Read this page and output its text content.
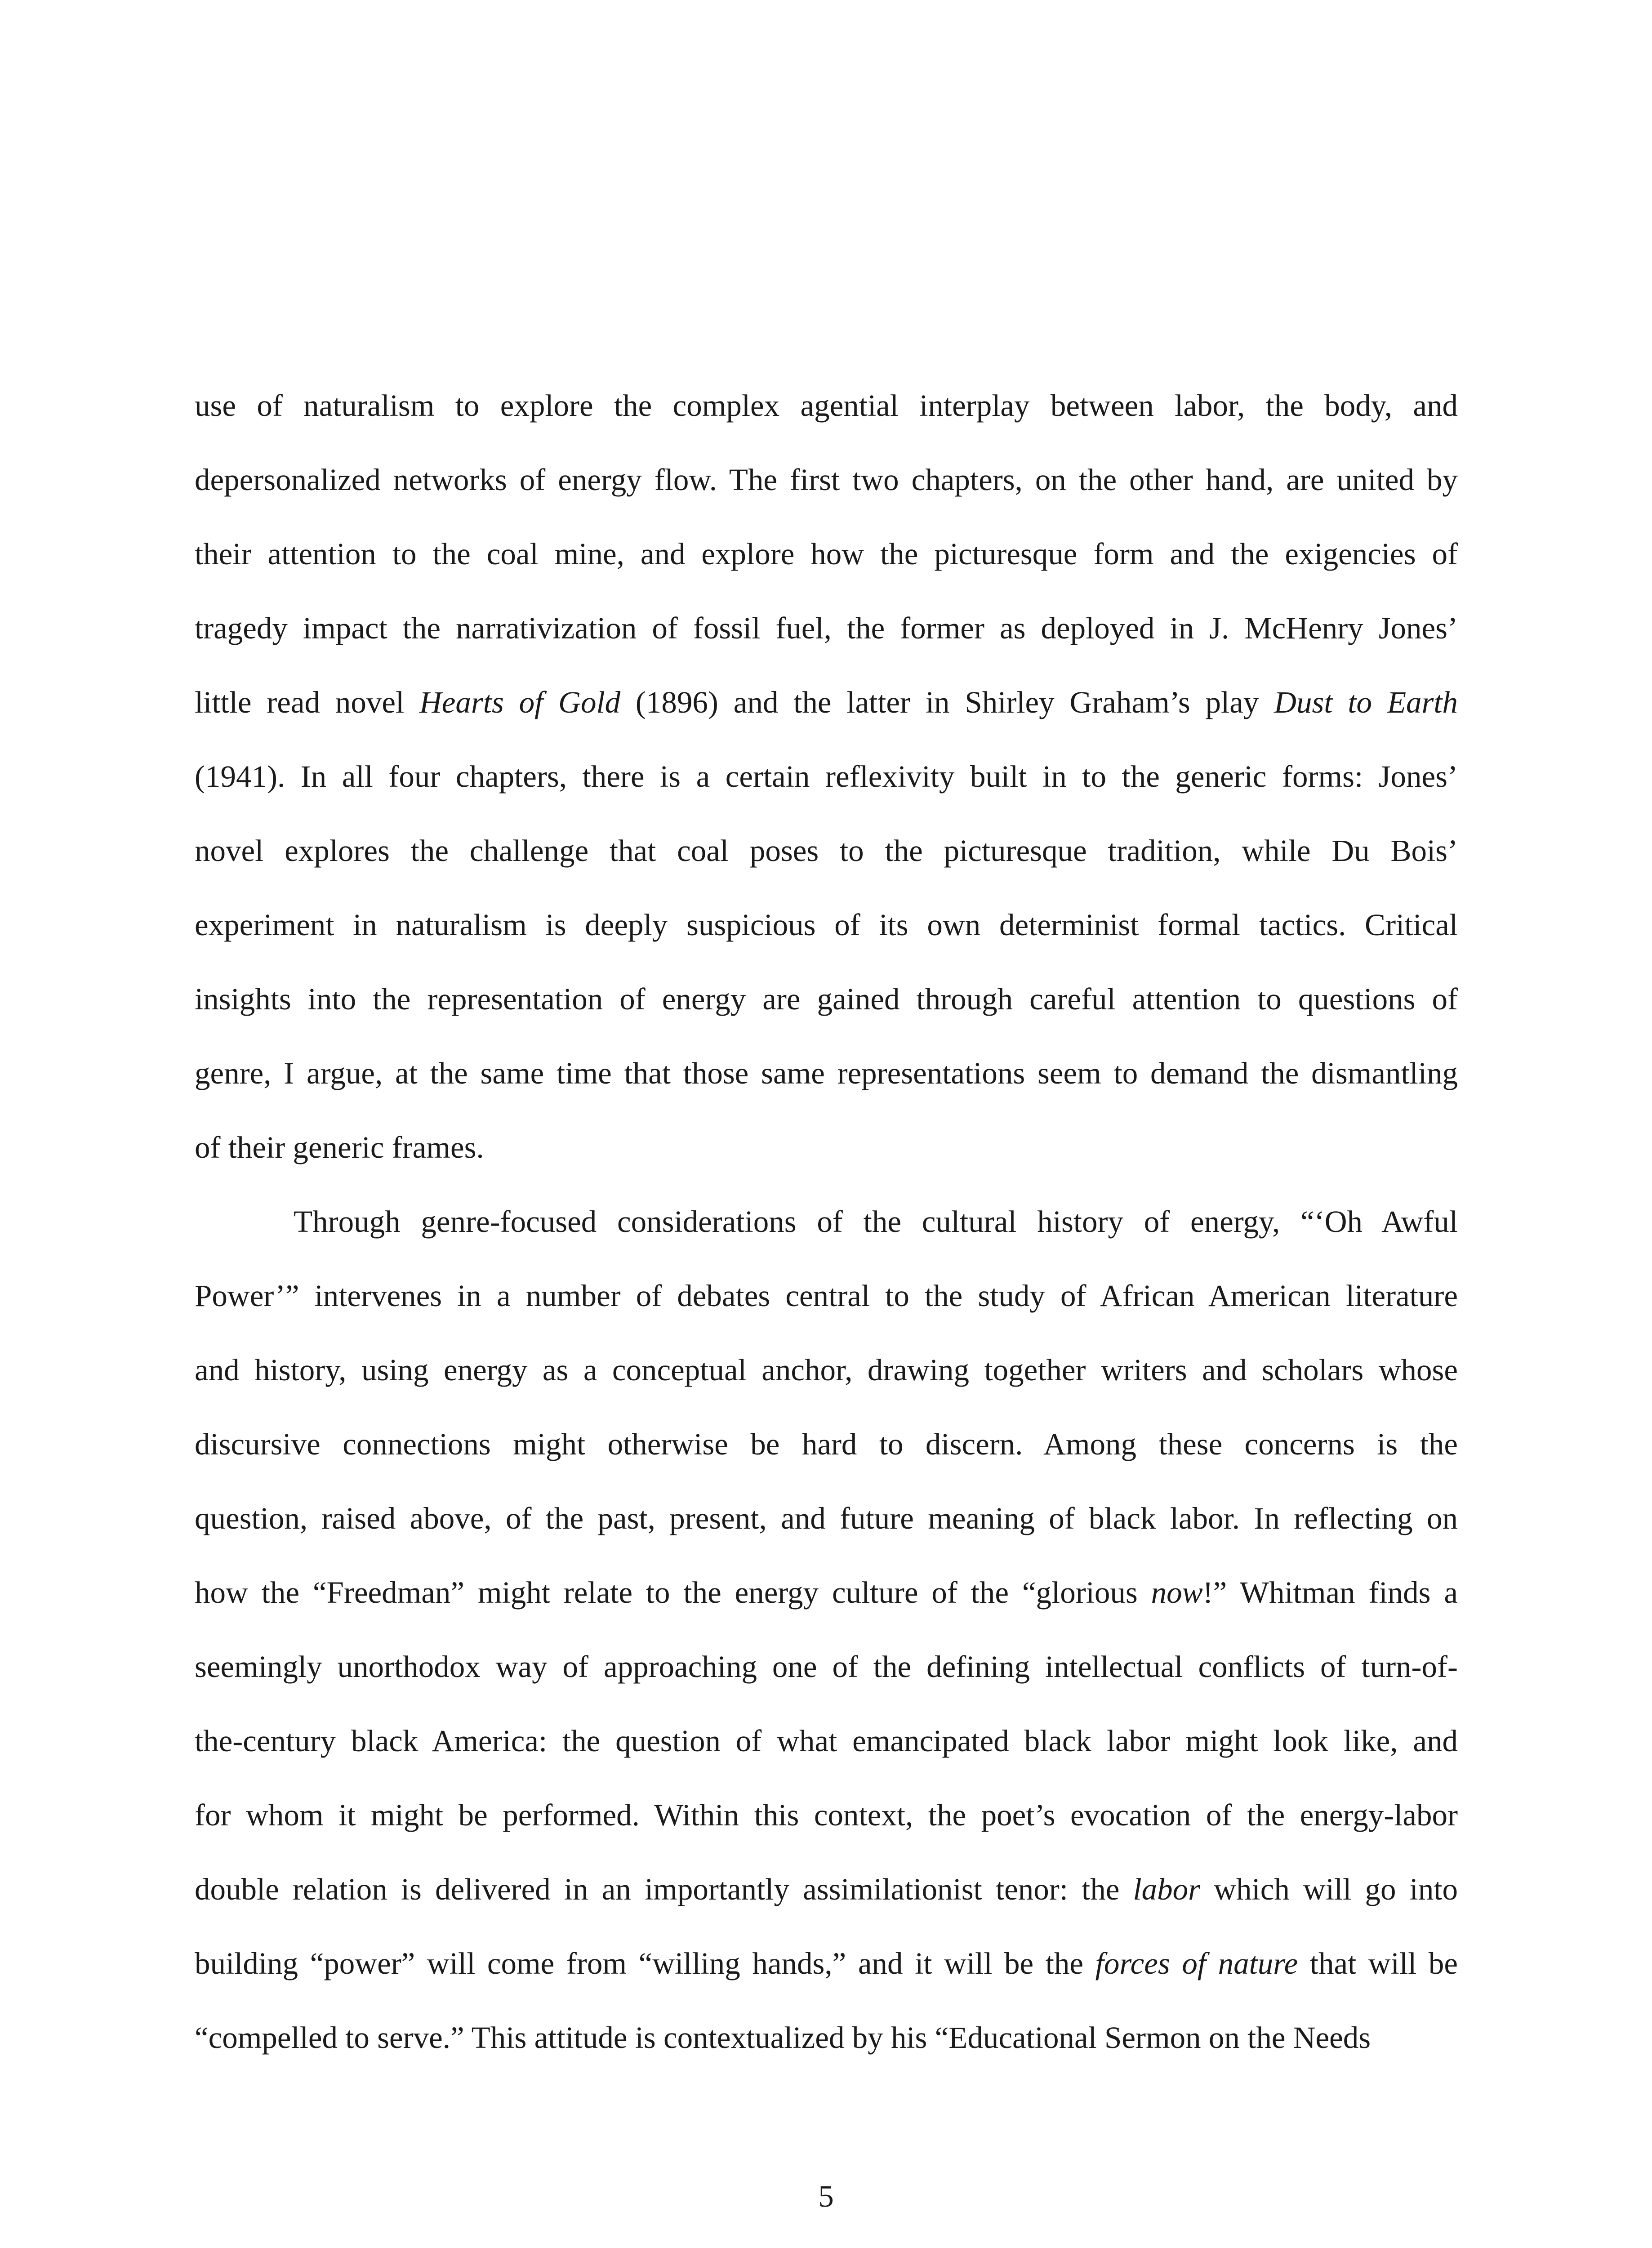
use of naturalism to explore the complex agential interplay between labor, the body, and
depersonalized networks of energy flow. The first two chapters, on the other hand, are united by
their attention to the coal mine, and explore how the picturesque form and the exigencies of
tragedy impact the narrativization of fossil fuel, the former as deployed in J. McHenry Jones’
little read novel Hearts of Gold (1896) and the latter in Shirley Graham’s play Dust to Earth
(1941). In all four chapters, there is a certain reflexivity built in to the generic forms: Jones’
novel explores the challenge that coal poses to the picturesque tradition, while Du Bois’
experiment in naturalism is deeply suspicious of its own determinist formal tactics. Critical
insights into the representation of energy are gained through careful attention to questions of
genre, I argue, at the same time that those same representations seem to demand the dismantling
of their generic frames.
Through genre-focused considerations of the cultural history of energy, “‘Oh Awful
Power’” intervenes in a number of debates central to the study of African American literature
and history, using energy as a conceptual anchor, drawing together writers and scholars whose
discursive connections might otherwise be hard to discern. Among these concerns is the
question, raised above, of the past, present, and future meaning of black labor. In reflecting on
how the “Freedman” might relate to the energy culture of the “glorious now!” Whitman finds a
seemingly unorthodox way of approaching one of the defining intellectual conflicts of turn-of-
the-century black America: the question of what emancipated black labor might look like, and
for whom it might be performed. Within this context, the poet’s evocation of the energy-labor
double relation is delivered in an importantly assimilationist tenor: the labor which will go into
building “power” will come from “willing hands,” and it will be the forces of nature that will be
“compelled to serve.” This attitude is contextualized by his “Educational Sermon on the Needs
5
